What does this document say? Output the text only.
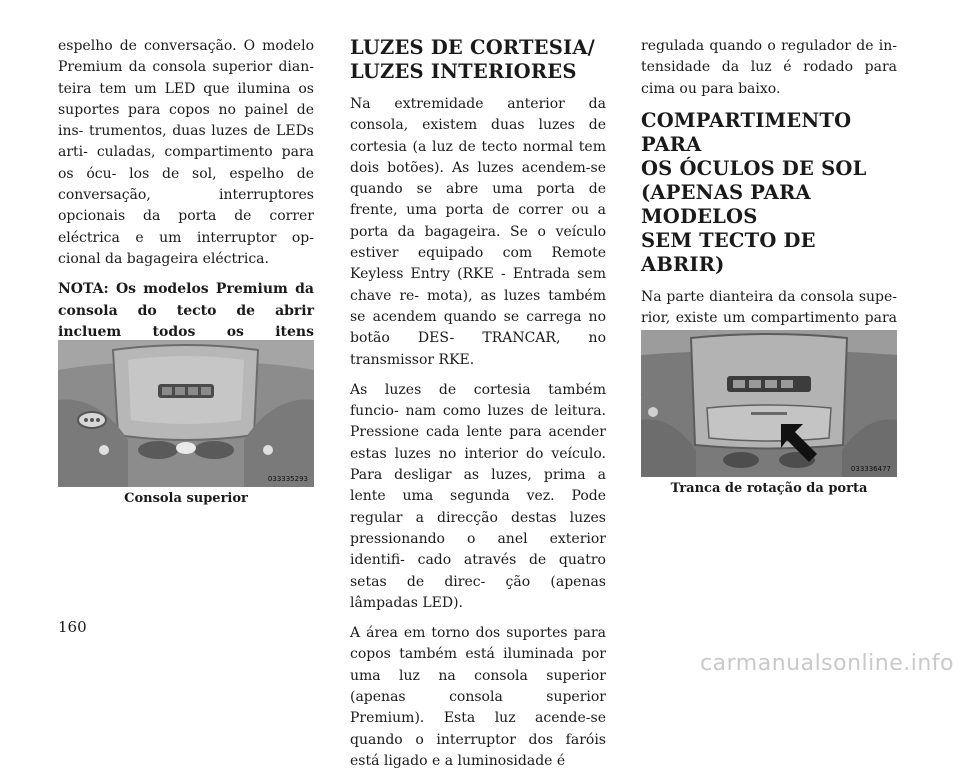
espelho de conversação. O modelo Premium da consola superior dian- teira tem um LED que ilumina os suportes para copos no painel de ins- trumentos, duas luzes de LEDs arti- culadas, compartimento para os ócu- los de sol, espelho de conversação, interruptores opcionais da porta de correr eléctrica e um interruptor op- cional da bagageira eléctrica.

NOTA: Os modelos Premium da consola do tecto de abrir incluem todos os itens

033335293
Consola superior
LUZES DE CORTESIA/
LUZES INTERIORES

Na extremidade anterior da consola, existem duas luzes de cortesia (a luz de tecto normal tem dois botões). As luzes acendem-se quando se abre uma porta de frente, uma porta de correr ou a porta da bagageira. Se o veículo estiver equipado com Remote Keyless Entry (RKE - Entrada sem chave re- mota), as luzes também se acendem quando se carrega no botão DES- TRANCAR, no transmissor RKE.

As luzes de cortesia também funcio- nam como luzes de leitura. Pressione cada lente para acender estas luzes no interior do veículo. Para desligar as luzes, prima a lente uma segunda vez. Pode regular a direcção destas luzes pressionando o anel exterior identifi- cado através de quatro setas de direc- ção (apenas lâmpadas LED).

A área em torno dos suportes para copos também está iluminada por uma luz na consola superior (apenas consola superior Premium). Esta luz acende-se quando o interruptor dos faróis está ligado e a luminosidade é

regulada quando o regulador de in- tensidade da luz é rodado para cima ou para baixo.

COMPARTIMENTO PARA
OS ÓCULOS DE SOL
(APENAS PARA MODELOS
SEM TECTO DE ABRIR)

Na parte dianteira da consola supe- rior, existe um compartimento para

033336477
Tranca de rotação da porta
160
carmanualsonline.info
